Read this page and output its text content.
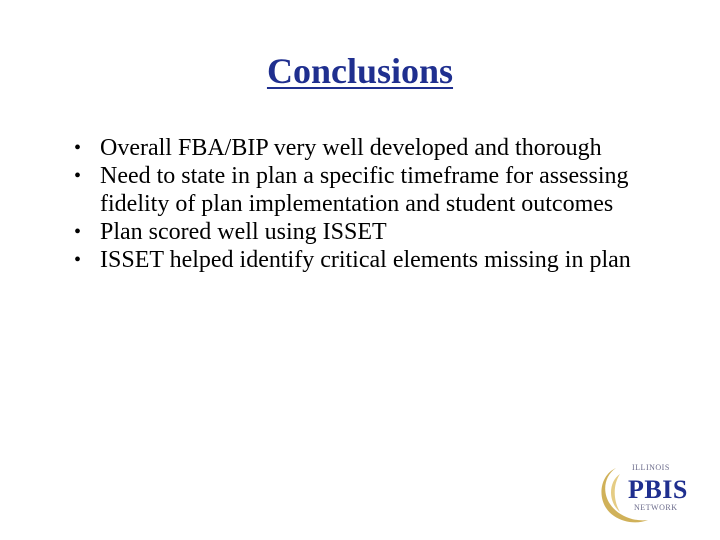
Conclusions
• Overall FBA/BIP very well developed and thorough
• Need to state in plan a specific timeframe for assessing fidelity of plan implementation and student outcomes
• Plan scored well using ISSET
• ISSET helped identify critical elements missing in plan
ILLINOIS
PBIS
NETWORK
